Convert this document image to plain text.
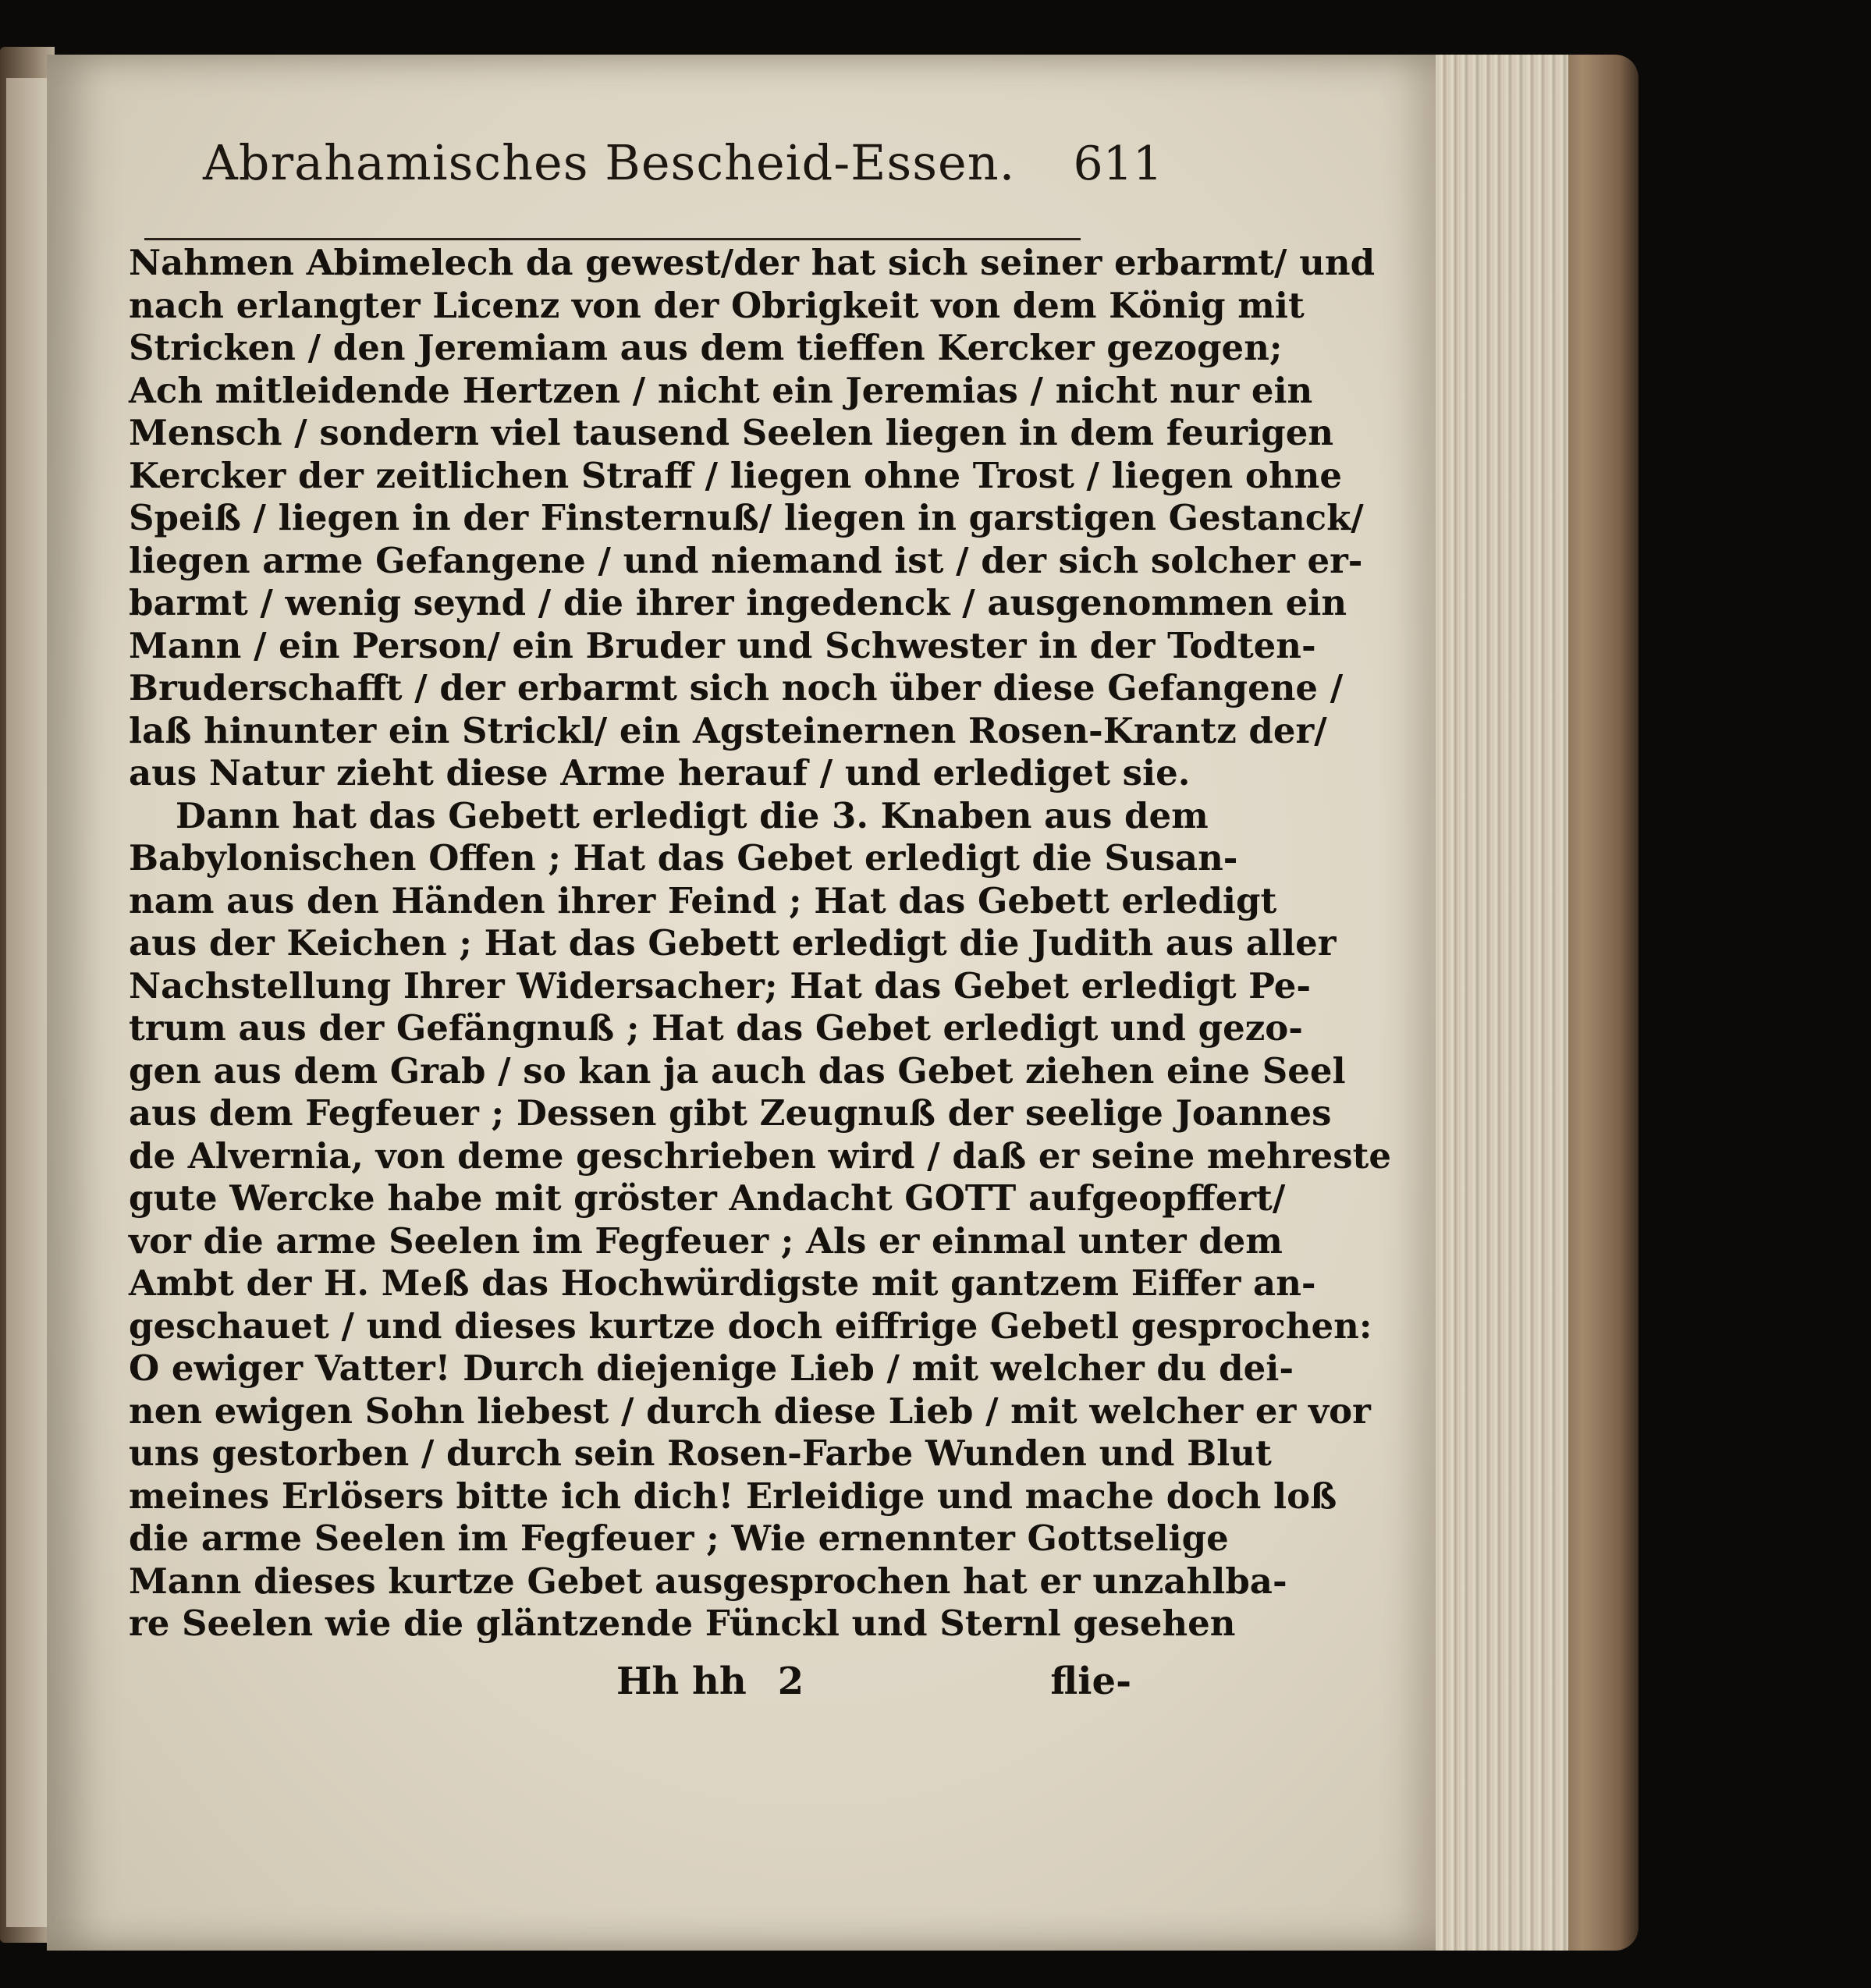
Abrahamisches Bescheid-Essen. 611
Nahmen Abimelech da gewest/der hat sich seiner erbarmt/ und
nach erlangter Licenz von der Obrigkeit von dem König mit
Stricken / den Jeremiam aus dem tieffen Kercker gezogen;
Ach mitleidende Hertzen / nicht ein Jeremias / nicht nur ein
Mensch / sondern viel tausend Seelen liegen in dem feurigen
Kercker der zeitlichen Straff / liegen ohne Trost / liegen ohne
Speiß / liegen in der Finsternuß/ liegen in garstigen Gestanck/
liegen arme Gefangene / und niemand ist / der sich solcher er-
barmt / wenig seynd / die ihrer ingedenck / ausgenommen ein
Mann / ein Person/ ein Bruder und Schwester in der Todten-
Bruderschafft / der erbarmt sich noch über diese Gefangene /
laß hinunter ein Strickl/ ein Agsteinernen Rosen-Krantz der/
aus Natur zieht diese Arme herauf / und erlediget sie.
Dann hat das Gebett erledigt die 3. Knaben aus dem
Babylonischen Offen ; Hat das Gebet erledigt die Susan-
nam aus den Händen ihrer Feind ; Hat das Gebett erledigt
aus der Keichen ; Hat das Gebett erledigt die Judith aus aller
Nachstellung Ihrer Widersacher; Hat das Gebet erledigt Pe-
trum aus der Gefängnuß ; Hat das Gebet erledigt und gezo-
gen aus dem Grab / so kan ja auch das Gebet ziehen eine Seel
aus dem Fegfeuer ; Dessen gibt Zeugnuß der seelige Joannes
de Alvernia, von deme geschrieben wird / daß er seine mehreste
gute Wercke habe mit gröster Andacht GOTT aufgeopffert/
vor die arme Seelen im Fegfeuer ; Als er einmal unter dem
Ambt der H. Meß das Hochwürdigste mit gantzem Eiffer an-
geschauet / und dieses kurtze doch eiffrige Gebetl gesprochen:
O ewiger Vatter! Durch diejenige Lieb / mit welcher du dei-
nen ewigen Sohn liebest / durch diese Lieb / mit welcher er vor
uns gestorben / durch sein Rosen-Farbe Wunden und Blut
meines Erlösers bitte ich dich! Erleidige und mache doch loß
die arme Seelen im Fegfeuer ; Wie ernennter Gottselige
Mann dieses kurtze Gebet ausgesprochen hat er unzahlba-
re Seelen wie die gläntzende Fünckl und Sternl gesehen
Hh hh 2	flie-
